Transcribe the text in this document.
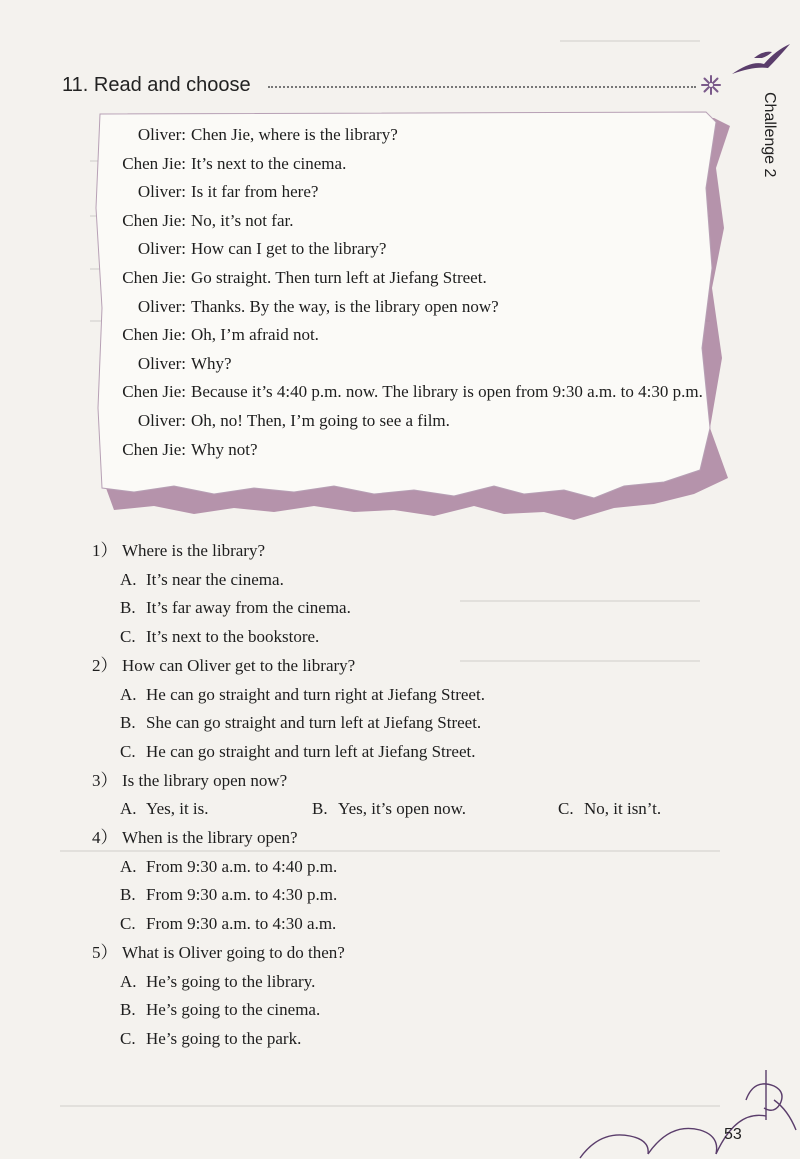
11. Read and choose
Challenge 2
Oliver: Chen Jie, where is the library?
Chen Jie: It’s next to the cinema.
Oliver: Is it far from here?
Chen Jie: No, it’s not far.
Oliver: How can I get to the library?
Chen Jie: Go straight. Then turn left at Jiefang Street.
Oliver: Thanks. By the way, is the library open now?
Chen Jie: Oh, I’m afraid not.
Oliver: Why?
Chen Jie: Because it’s 4:40 p.m. now. The library is open from 9:30 a.m. to 4:30 p.m.
Oliver: Oh, no! Then, I’m going to see a film.
Chen Jie: Why not?
1） Where is the library?
A. It’s near the cinema.
B. It’s far away from the cinema.
C. It’s next to the bookstore.
2） How can Oliver get to the library?
A. He can go straight and turn right at Jiefang Street.
B. She can go straight and turn left at Jiefang Street.
C. He can go straight and turn left at Jiefang Street.
3） Is the library open now?
A. Yes, it is.	B. Yes, it’s open now.	C. No, it isn’t.
4） When is the library open?
A. From 9:30 a.m. to 4:40 p.m.
B. From 9:30 a.m. to 4:30 p.m.
C. From 9:30 a.m. to 4:30 a.m.
5） What is Oliver going to do then?
A. He’s going to the library.
B. He’s going to the cinema.
C. He’s going to the park.
53
